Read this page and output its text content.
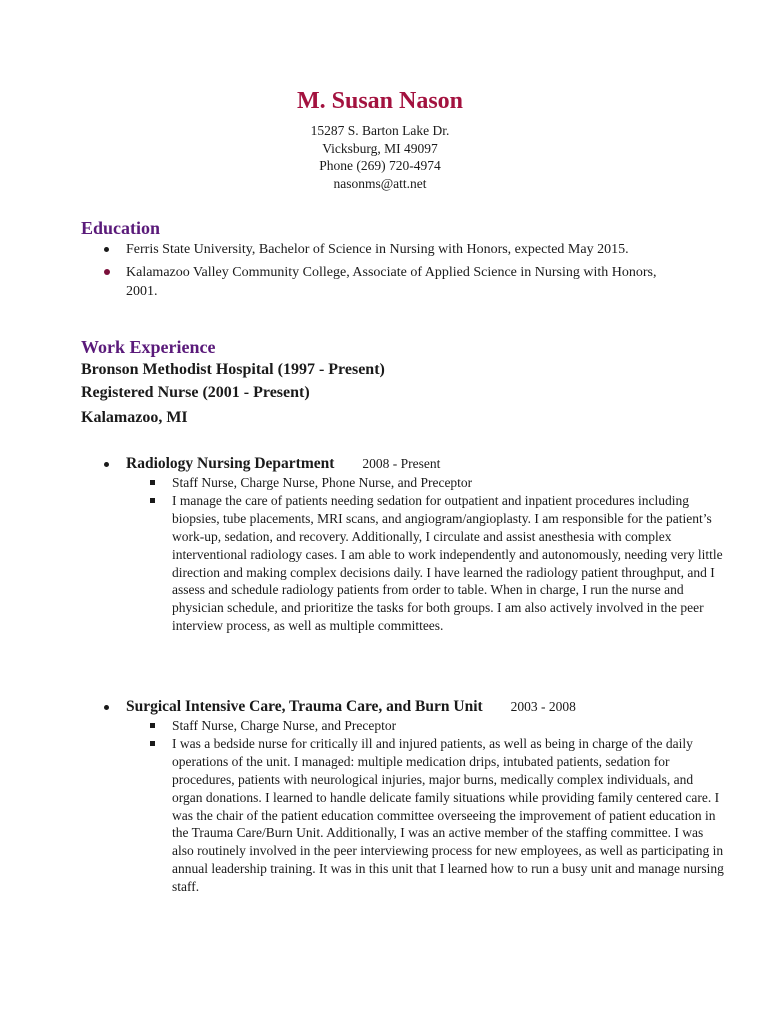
M. Susan Nason
15287 S. Barton Lake Dr.
Vicksburg, MI 49097
Phone (269) 720-4974
nasonms@att.net
Education
Ferris State University, Bachelor of Science in Nursing with Honors, expected May 2015.
Kalamazoo Valley Community College, Associate of Applied Science in Nursing with Honors, 2001.
Work Experience
Bronson Methodist Hospital (1997 - Present)
Registered Nurse (2001 - Present)
Kalamazoo, MI
Radiology Nursing Department 2008 - Present
Staff Nurse, Charge Nurse, Phone Nurse, and Preceptor
I manage the care of patients needing sedation for outpatient and inpatient procedures including biopsies, tube placements, MRI scans, and angiogram/angioplasty. I am responsible for the patient’s work-up, sedation, and recovery. Additionally, I circulate and assist anesthesia with complex interventional radiology cases. I am able to work independently and autonomously, needing very little direction and making complex decisions daily. I have learned the radiology patient throughput, and I assess and schedule radiology patients from order to table. When in charge, I run the nurse and physician schedule, and prioritize the tasks for both groups. I am also actively involved in the peer interview process, as well as multiple committees.
Surgical Intensive Care, Trauma Care, and Burn Unit 2003 - 2008
Staff Nurse, Charge Nurse, and Preceptor
I was a bedside nurse for critically ill and injured patients, as well as being in charge of the daily operations of the unit. I managed: multiple medication drips, intubated patients, sedation for procedures, patients with neurological injuries, major burns, medically complex individuals, and organ donations. I learned to handle delicate family situations while providing family centered care. I was the chair of the patient education committee overseeing the improvement of patient education in the Trauma Care/Burn Unit. Additionally, I was an active member of the staffing committee. I was also routinely involved in the peer interviewing process for new employees, as well as participating in annual leadership training. It was in this unit that I learned how to run a busy unit and manage nursing staff.
